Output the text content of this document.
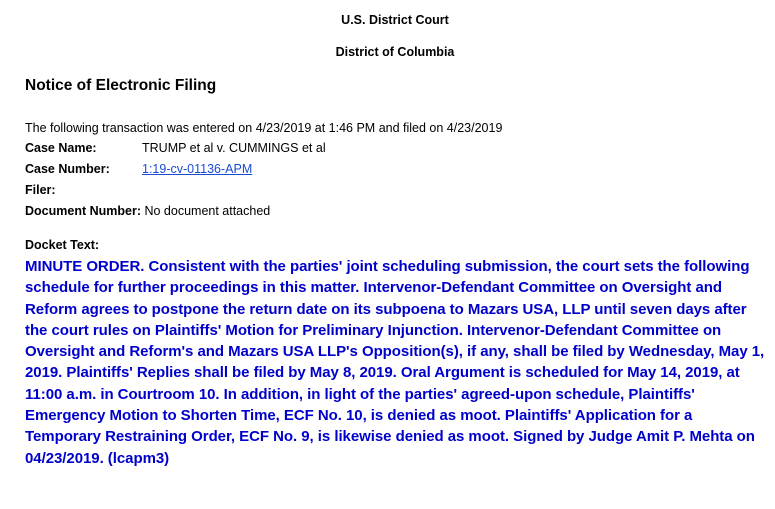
U.S. District Court
District of Columbia
Notice of Electronic Filing
The following transaction was entered on 4/23/2019 at 1:46 PM and filed on 4/23/2019
Case Name:	TRUMP et al v. CUMMINGS et al
Case Number:	1:19-cv-01136-APM
Filer:
Document Number: No document attached
Docket Text:
MINUTE ORDER. Consistent with the parties' joint scheduling submission, the court sets the following schedule for further proceedings in this matter. Intervenor-Defendant Committee on Oversight and Reform agrees to postpone the return date on its subpoena to Mazars USA, LLP until seven days after the court rules on Plaintiffs' Motion for Preliminary Injunction. Intervenor-Defendant Committee on Oversight and Reform's and Mazars USA LLP's Opposition(s), if any, shall be filed by Wednesday, May 1, 2019. Plaintiffs' Replies shall be filed by May 8, 2019. Oral Argument is scheduled for May 14, 2019, at 11:00 a.m. in Courtroom 10. In addition, in light of the parties' agreed-upon schedule, Plaintiffs' Emergency Motion to Shorten Time, ECF No. 10, is denied as moot. Plaintiffs' Application for a Temporary Restraining Order, ECF No. 9, is likewise denied as moot. Signed by Judge Amit P. Mehta on 04/23/2019. (lcapm3)
